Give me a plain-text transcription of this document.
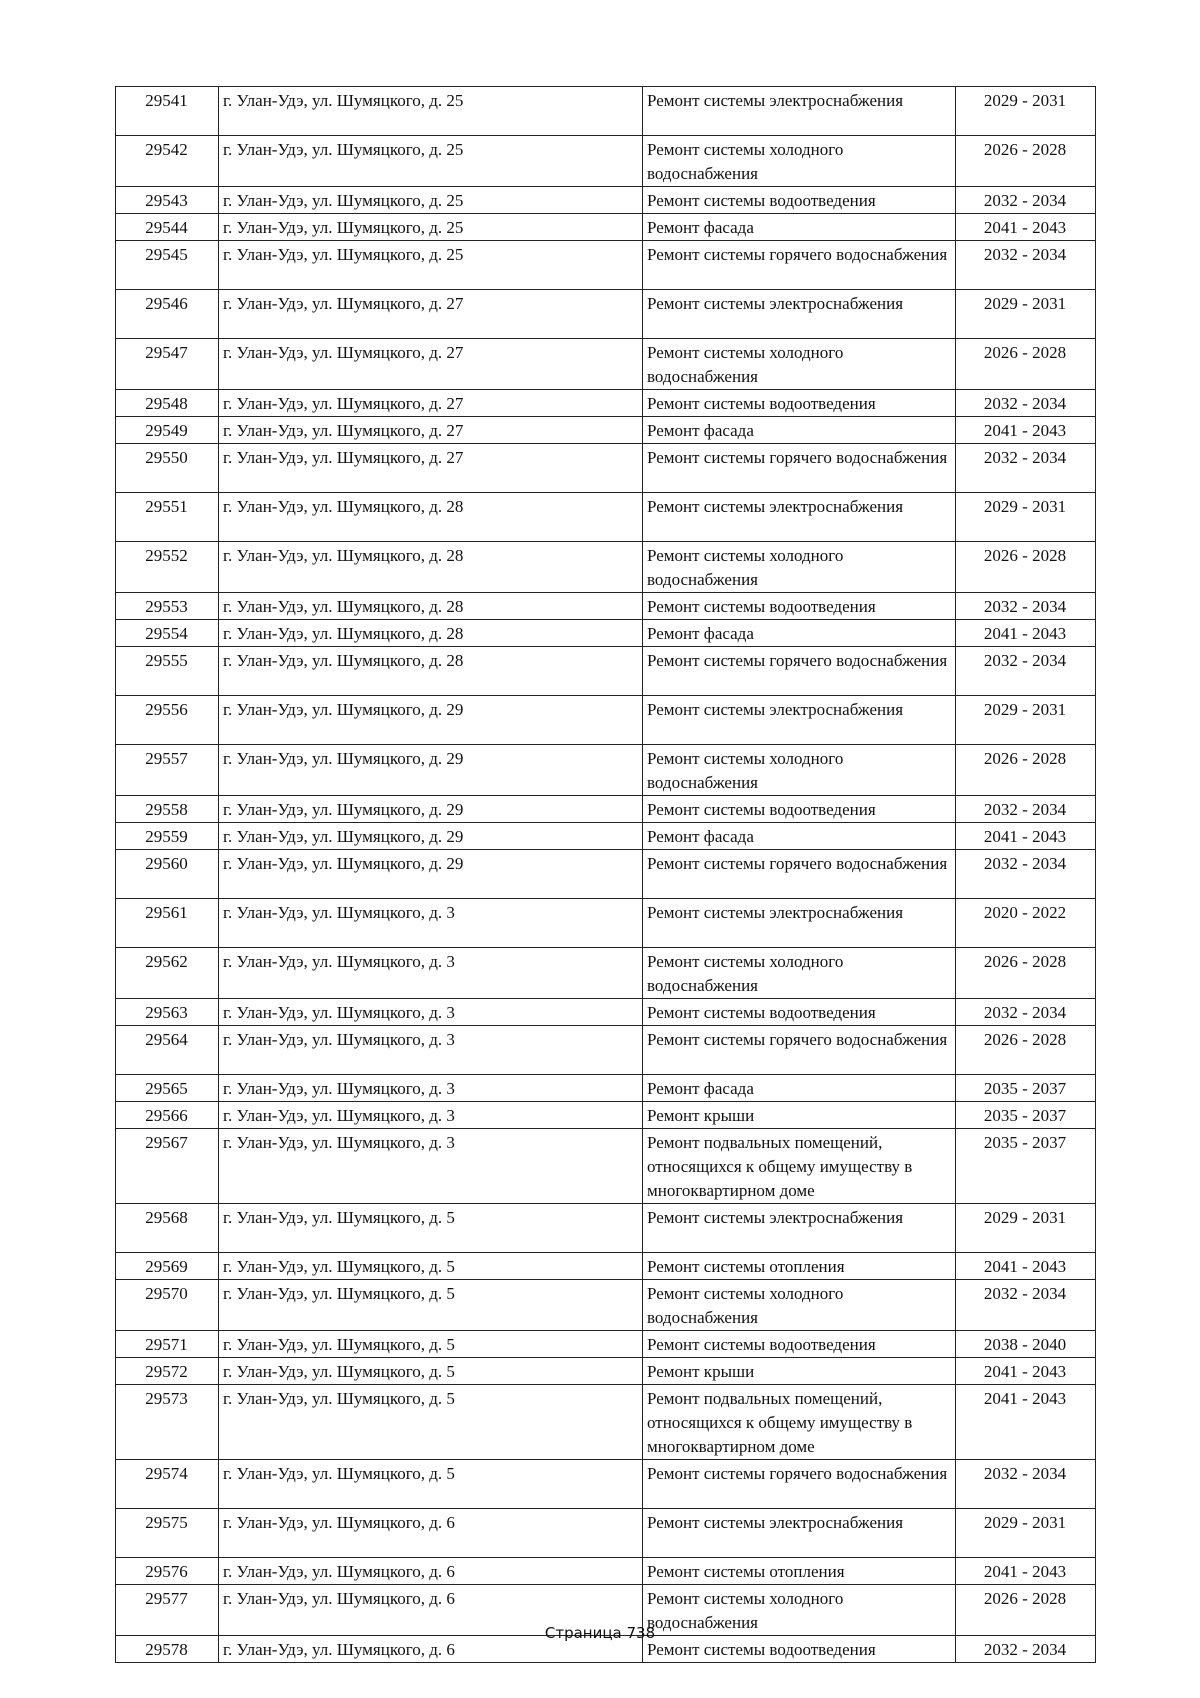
29541	г. Улан-Удэ, ул. Шумяцкого, д. 25	Ремонт системы электроснабжения	2029 - 2031
29542	г. Улан-Удэ, ул. Шумяцкого, д. 25	Ремонт системы холодного водоснабжения	2026 - 2028
29543	г. Улан-Удэ, ул. Шумяцкого, д. 25	Ремонт системы водоотведения	2032 - 2034
29544	г. Улан-Удэ, ул. Шумяцкого, д. 25	Ремонт фасада	2041 - 2043
29545	г. Улан-Удэ, ул. Шумяцкого, д. 25	Ремонт системы горячего водоснабжения	2032 - 2034
29546	г. Улан-Удэ, ул. Шумяцкого, д. 27	Ремонт системы электроснабжения	2029 - 2031
29547	г. Улан-Удэ, ул. Шумяцкого, д. 27	Ремонт системы холодного водоснабжения	2026 - 2028
29548	г. Улан-Удэ, ул. Шумяцкого, д. 27	Ремонт системы водоотведения	2032 - 2034
29549	г. Улан-Удэ, ул. Шумяцкого, д. 27	Ремонт фасада	2041 - 2043
29550	г. Улан-Удэ, ул. Шумяцкого, д. 27	Ремонт системы горячего водоснабжения	2032 - 2034
29551	г. Улан-Удэ, ул. Шумяцкого, д. 28	Ремонт системы электроснабжения	2029 - 2031
29552	г. Улан-Удэ, ул. Шумяцкого, д. 28	Ремонт системы холодного водоснабжения	2026 - 2028
29553	г. Улан-Удэ, ул. Шумяцкого, д. 28	Ремонт системы водоотведения	2032 - 2034
29554	г. Улан-Удэ, ул. Шумяцкого, д. 28	Ремонт фасада	2041 - 2043
29555	г. Улан-Удэ, ул. Шумяцкого, д. 28	Ремонт системы горячего водоснабжения	2032 - 2034
29556	г. Улан-Удэ, ул. Шумяцкого, д. 29	Ремонт системы электроснабжения	2029 - 2031
29557	г. Улан-Удэ, ул. Шумяцкого, д. 29	Ремонт системы холодного водоснабжения	2026 - 2028
29558	г. Улан-Удэ, ул. Шумяцкого, д. 29	Ремонт системы водоотведения	2032 - 2034
29559	г. Улан-Удэ, ул. Шумяцкого, д. 29	Ремонт фасада	2041 - 2043
29560	г. Улан-Удэ, ул. Шумяцкого, д. 29	Ремонт системы горячего водоснабжения	2032 - 2034
29561	г. Улан-Удэ, ул. Шумяцкого, д. 3	Ремонт системы электроснабжения	2020 - 2022
29562	г. Улан-Удэ, ул. Шумяцкого, д. 3	Ремонт системы холодного водоснабжения	2026 - 2028
29563	г. Улан-Удэ, ул. Шумяцкого, д. 3	Ремонт системы водоотведения	2032 - 2034
29564	г. Улан-Удэ, ул. Шумяцкого, д. 3	Ремонт системы горячего водоснабжения	2026 - 2028
29565	г. Улан-Удэ, ул. Шумяцкого, д. 3	Ремонт фасада	2035 - 2037
29566	г. Улан-Удэ, ул. Шумяцкого, д. 3	Ремонт крыши	2035 - 2037
29567	г. Улан-Удэ, ул. Шумяцкого, д. 3	Ремонт подвальных помещений, относящихся к общему имуществу в многоквартирном доме	2035 - 2037
29568	г. Улан-Удэ, ул. Шумяцкого, д. 5	Ремонт системы электроснабжения	2029 - 2031
29569	г. Улан-Удэ, ул. Шумяцкого, д. 5	Ремонт системы отопления	2041 - 2043
29570	г. Улан-Удэ, ул. Шумяцкого, д. 5	Ремонт системы холодного водоснабжения	2032 - 2034
29571	г. Улан-Удэ, ул. Шумяцкого, д. 5	Ремонт системы водоотведения	2038 - 2040
29572	г. Улан-Удэ, ул. Шумяцкого, д. 5	Ремонт крыши	2041 - 2043
29573	г. Улан-Удэ, ул. Шумяцкого, д. 5	Ремонт подвальных помещений, относящихся к общему имуществу в многоквартирном доме	2041 - 2043
29574	г. Улан-Удэ, ул. Шумяцкого, д. 5	Ремонт системы горячего водоснабжения	2032 - 2034
29575	г. Улан-Удэ, ул. Шумяцкого, д. 6	Ремонт системы электроснабжения	2029 - 2031
29576	г. Улан-Удэ, ул. Шумяцкого, д. 6	Ремонт системы отопления	2041 - 2043
29577	г. Улан-Удэ, ул. Шумяцкого, д. 6	Ремонт системы холодного водоснабжения	2026 - 2028
29578	г. Улан-Удэ, ул. Шумяцкого, д. 6	Ремонт системы водоотведения	2032 - 2034
Страница 738
